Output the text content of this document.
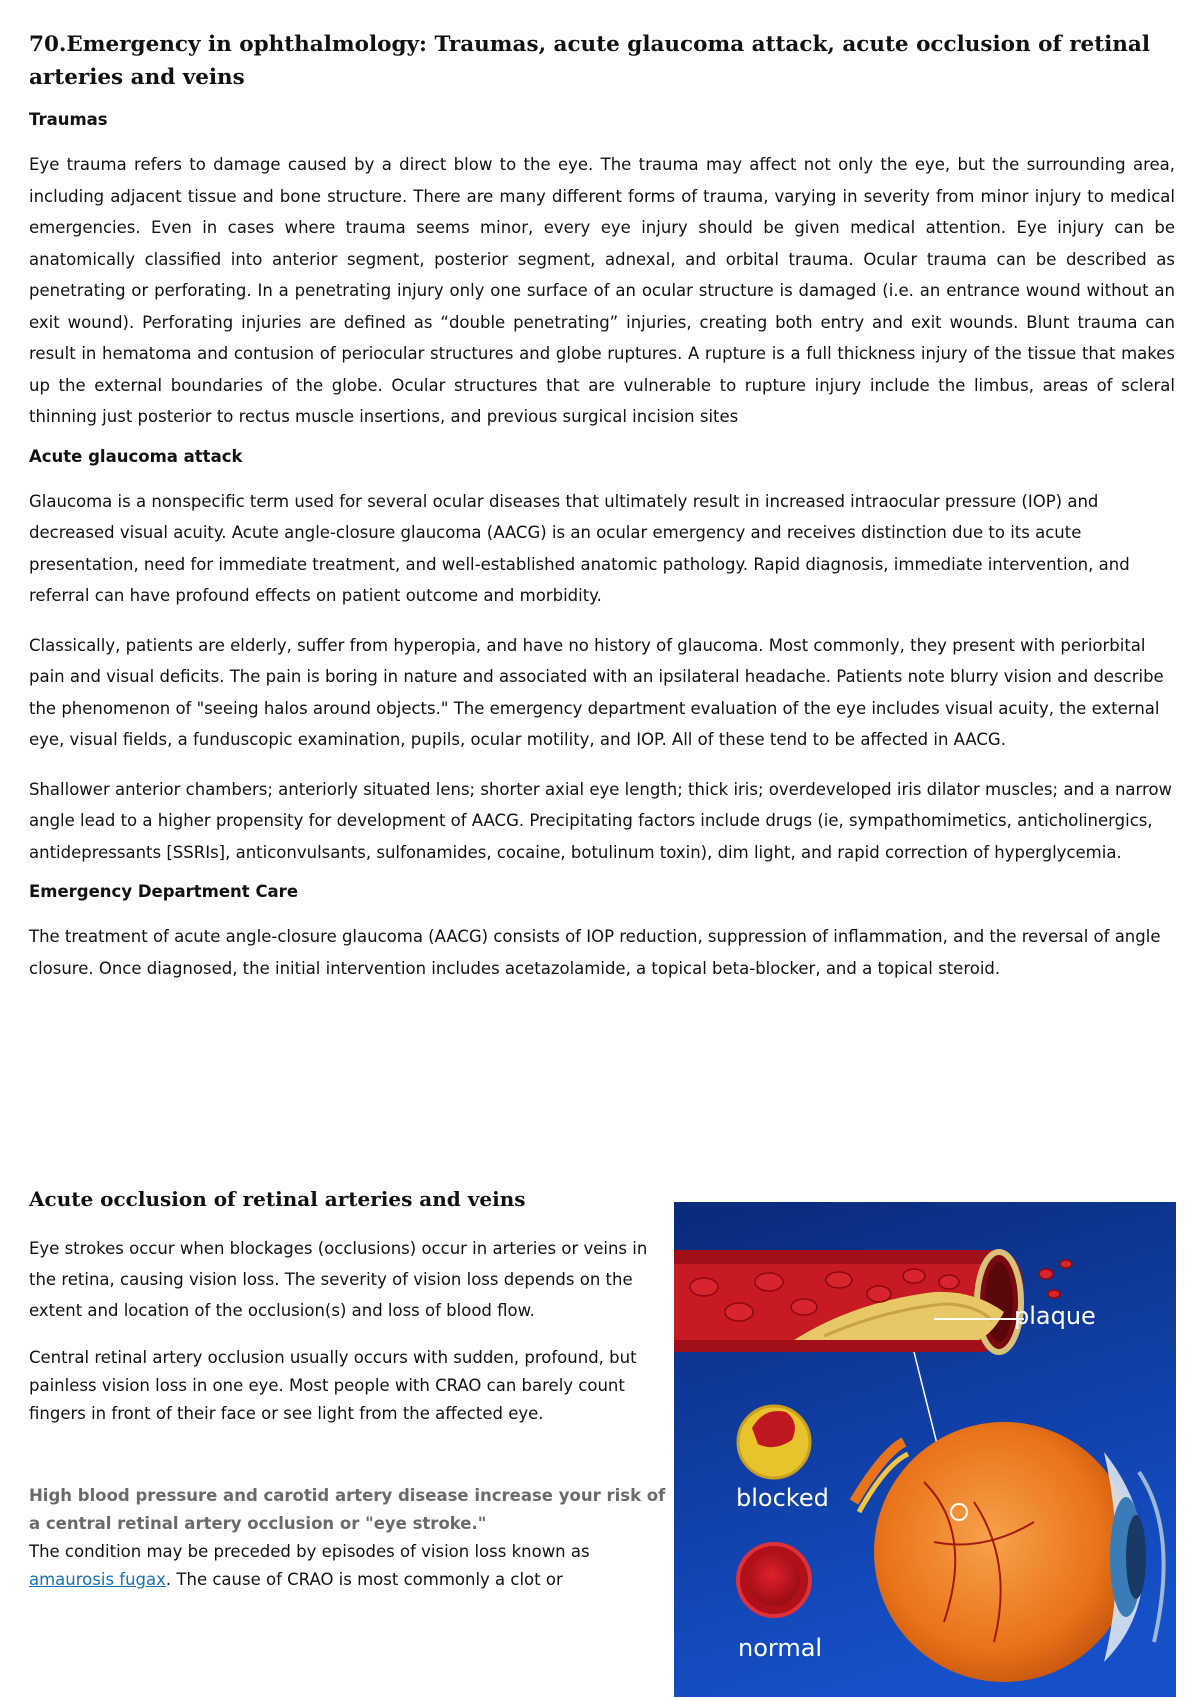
70.Emergency in ophthalmology: Traumas, acute glaucoma attack, acute occlusion of retinal arteries and veins
Traumas

Eye trauma refers to damage caused by a direct blow to the eye. The trauma may affect not only the eye, but the surrounding area, including adjacent tissue and bone structure. There are many different forms of trauma, varying in severity from minor injury to medical emergencies. Even in cases where trauma seems minor, every eye injury should be given medical attention. Eye injury can be anatomically classified into anterior segment, posterior segment, adnexal, and orbital trauma. Ocular trauma can be described as penetrating or perforating. In a penetrating injury only one surface of an ocular structure is damaged (i.e. an entrance wound without an exit wound). Perforating injuries are defined as “double penetrating” injuries, creating both entry and exit wounds. Blunt trauma can result in hematoma and contusion of periocular structures and globe ruptures. A rupture is a full thickness injury of the tissue that makes up the external boundaries of the globe. Ocular structures that are vulnerable to rupture injury include the limbus, areas of scleral thinning just posterior to rectus muscle insertions, and previous surgical incision sites

Acute glaucoma attack

Glaucoma is a nonspecific term used for several ocular diseases that ultimately result in increased intraocular pressure (IOP) and decreased visual acuity. Acute angle-closure glaucoma (AACG) is an ocular emergency and receives distinction due to its acute presentation, need for immediate treatment, and well-established anatomic pathology. Rapid diagnosis, immediate intervention, and referral can have profound effects on patient outcome and morbidity.

Classically, patients are elderly, suffer from hyperopia, and have no history of glaucoma. Most commonly, they present with periorbital pain and visual deficits. The pain is boring in nature and associated with an ipsilateral headache. Patients note blurry vision and describe the phenomenon of "seeing halos around objects." The emergency department evaluation of the eye includes visual acuity, the external eye, visual fields, a funduscopic examination, pupils, ocular motility, and IOP. All of these tend to be affected in AACG.

Shallower anterior chambers; anteriorly situated lens; shorter axial eye length; thick iris; overdeveloped iris dilator muscles; and a narrow angle lead to a higher propensity for development of AACG. Precipitating factors include drugs (ie, sympathomimetics, anticholinergics, antidepressants [SSRIs], anticonvulsants, sulfonamides, cocaine, botulinum toxin), dim light, and rapid correction of hyperglycemia.

Emergency Department Care

The treatment of acute angle-closure glaucoma (AACG) consists of IOP reduction, suppression of inflammation, and the reversal of angle closure. Once diagnosed, the initial intervention includes acetazolamide, a topical beta-blocker, and a topical steroid.

Acute occlusion of retinal arteries and veins

Eye strokes occur when blockages (occlusions) occur in arteries or veins in the retina, causing vision loss. The severity of vision loss depends on the extent and location of the occlusion(s) and loss of blood flow.

Central retinal artery occlusion usually occurs with sudden, profound, but painless vision loss in one eye. Most people with CRAO can barely count fingers in front of their face or see light from the affected eye.

High blood pressure and carotid artery disease increase your risk of a central retinal artery occlusion or "eye stroke."

The condition may be preceded by episodes of vision loss known as amaurosis fugax. The cause of CRAO is most commonly a clot or

plaque
blocked
normal
